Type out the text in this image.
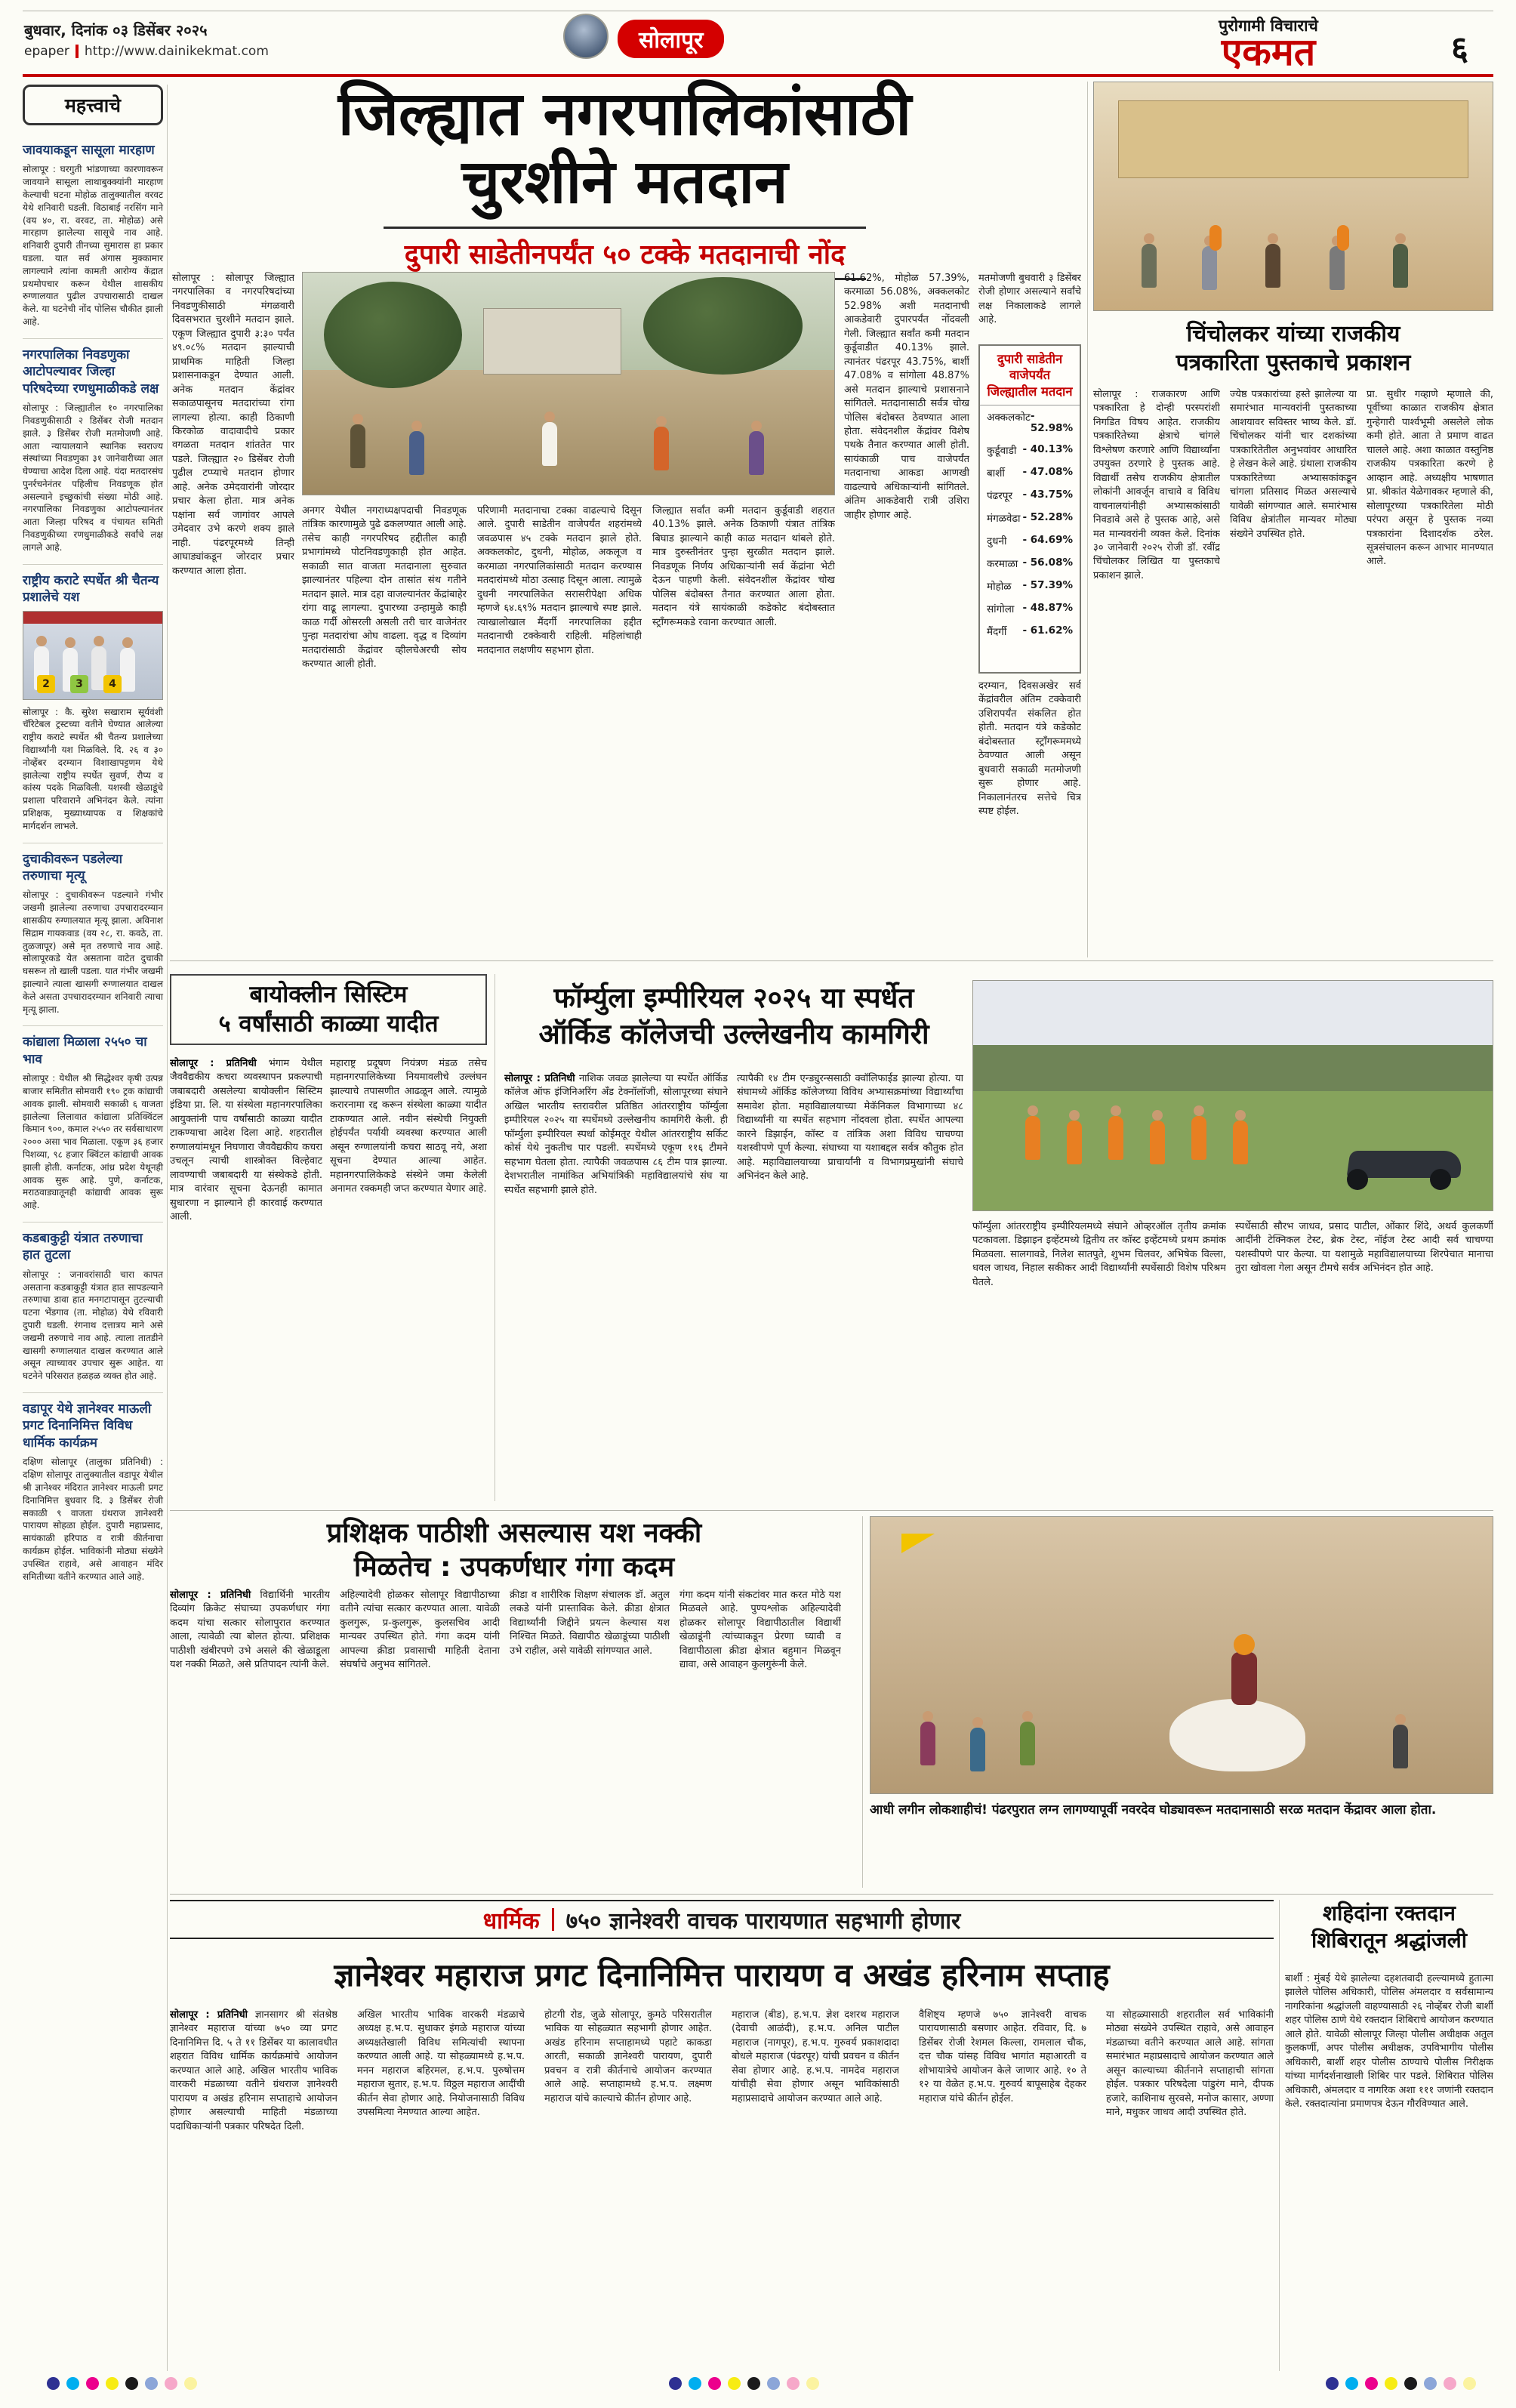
बुधवार, दिनांक ०३ डिसेंबर २०२५
epaper http://www.dainikekmat.com	सोलापूर
पुरोगामी विचाराचे
एकमत	६
महत्त्वाचे
जावयाकडून सासूला मारहाण

सोलापूर : घरगुती भांडणाच्या कारणावरून जावयाने सासूला लाथाबुक्क्यांनी मारहाण केल्याची घटना मोहोळ तालुक्यातील वरवट येथे शनिवारी घडली. विठाबाई नरसिंग माने (वय ४०, रा. वरवट, ता. मोहोळ) असे मारहाण झालेल्या सासूचे नाव आहे. शनिवारी दुपारी तीनच्या सुमारास हा प्रकार घडला. यात सर्व अंगास मुक्कामार लागल्याने त्यांना कामती आरोग्य केंद्रात प्रथमोपचार करून येथील शासकीय रुग्णालयात पुढील उपचारासाठी दाखल केले. या घटनेची नोंद पोलिस चौकीत झाली आहे.

नगरपालिका निवडणुका आटोपल्यावर जिल्हा परिषदेच्या रणधुमाळीकडे लक्ष

सोलापूर : जिल्ह्यातील १० नगरपालिका निवडणुकीसाठी २ डिसेंबर रोजी मतदान झाले. ३ डिसेंबर रोजी मतमोजणी आहे. आता न्यायालयाने स्थानिक स्वराज्य संस्थांच्या निवडणुका ३१ जानेवारीच्या आत घेण्याचा आदेश दिला आहे. यंदा मतदारसंघ पुनर्रचनेनंतर पहिलीच निवडणूक होत असल्याने इच्छुकांची संख्या मोठी आहे. नगरपालिका निवडणुका आटोपल्यानंतर आता जिल्हा परिषद व पंचायत समिती निवडणुकीच्या रणधुमाळीकडे सर्वांचे लक्ष लागले आहे.

राष्ट्रीय कराटे स्पर्धेत श्री चैतन्य प्रशालेचे यश
2	3	4

सोलापूर : कै. सुरेश सखाराम सूर्यवंशी चॅरिटेबल ट्रस्टच्या वतीने घेण्यात आलेल्या राष्ट्रीय कराटे स्पर्धेत श्री चैतन्य प्रशालेच्या विद्यार्थ्यांनी यश मिळविले. दि. २६ व ३० नोव्हेंबर दरम्यान विशाखापट्टणम येथे झालेल्या राष्ट्रीय स्पर्धेत सुवर्ण, रौप्य व कांस्य पदके मिळविली. यशस्वी खेळाडूंचे प्रशाला परिवाराने अभिनंदन केले. त्यांना प्रशिक्षक, मुख्याध्यापक व शिक्षकांचे मार्गदर्शन लाभले.

दुचाकीवरून पडलेल्या तरुणाचा मृत्यू

सोलापूर : दुचाकीवरून पडल्याने गंभीर जखमी झालेल्या तरुणाचा उपचारादरम्यान शासकीय रुग्णालयात मृत्यू झाला. अविनाश सिद्राम गायकवाड (वय २८, रा. कवठे, ता. तुळजापूर) असे मृत तरुणाचे नाव आहे. सोलापूरकडे येत असताना वाटेत दुचाकी घसरून तो खाली पडला. यात गंभीर जखमी झाल्याने त्याला खासगी रुग्णालयात दाखल केले असता उपचारादरम्यान शनिवारी त्याचा मृत्यू झाला.

कांद्याला मिळाला २५५० चा भाव

सोलापूर : येथील श्री सिद्धेश्वर कृषी उत्पन्न बाजार समितीत सोमवारी १९० ट्रक कांद्याची आवक झाली. सोमवारी सकाळी ६ वाजता झालेल्या लिलावात कांद्याला प्रतिक्विंटल किमान ९००, कमाल २५५० तर सर्वसाधारण २००० असा भाव मिळाला. एकूण ३६ हजार पिशव्या, ९८ हजार क्विंटल कांद्याची आवक झाली होती. कर्नाटक, आंध्र प्रदेश येथूनही आवक सुरू आहे. पुणे, कर्नाटक, मराठवाड्यातूनही कांद्याची आवक सुरू आहे.

कडबाकुट्टी यंत्रात तरुणाचा हात तुटला

सोलापूर : जनावरांसाठी चारा कापत असताना कडबाकुट्टी यंत्रात हात सापडल्याने तरुणाचा डावा हात मनगटापासून तुटल्याची घटना भेंडगाव (ता. मोहोळ) येथे रविवारी दुपारी घडली. रंगनाथ दत्तात्रय माने असे जखमी तरुणाचे नाव आहे. त्याला तातडीने खासगी रुग्णालयात दाखल करण्यात आले असून त्याच्यावर उपचार सुरू आहेत. या घटनेने परिसरात हळहळ व्यक्त होत आहे.

वडापूर येथे ज्ञानेश्वर माऊली प्रगट दिनानिमित्त विविध धार्मिक कार्यक्रम

दक्षिण सोलापूर (तालुका प्रतिनिधी) : दक्षिण सोलापूर तालुक्यातील वडापूर येथील श्री ज्ञानेश्वर मंदिरात ज्ञानेश्वर माऊली प्रगट दिनानिमित्त बुधवार दि. ३ डिसेंबर रोजी सकाळी ९ वाजता ग्रंथराज ज्ञानेश्वरी पारायण सोहळा होईल. दुपारी महाप्रसाद, सायंकाळी हरिपाठ व रात्री कीर्तनाचा कार्यक्रम होईल. भाविकांनी मोठ्या संख्येने उपस्थित राहावे, असे आवाहन मंदिर समितीच्या वतीने करण्यात आले आहे.

जिल्ह्यात नगरपालिकांसाठी
चुरशीने मतदान
दुपारी साडेतीनपर्यंत ५० टक्के मतदानाची नोंद
सोलापूर : सोलापूर जिल्ह्यात नगरपालिका व नगरपरिषदांच्या निवडणुकीसाठी मंगळवारी दिवसभरात चुरशीने मतदान झाले. एकूण जिल्ह्यात दुपारी ३:३० पर्यंत ४९.०८% मतदान झाल्याची प्राथमिक माहिती जिल्हा प्रशासनाकडून देण्यात आली. अनेक मतदान केंद्रांवर सकाळपासूनच मतदारांच्या रांगा लागल्या होत्या. काही ठिकाणी किरकोळ वादावादीचे प्रकार वगळता मतदान शांततेत पार पडले. जिल्ह्यात २० डिसेंबर रोजी पुढील टप्प्याचे मतदान होणार आहे. अनेक उमेदवारांनी जोरदार प्रचार केला होता. मात्र अनेक पक्षांना सर्व जागांवर आपले उमेदवार उभे करणे शक्य झाले नाही. पंढरपूरमध्ये तिन्ही आघाड्यांकडून जोरदार प्रचार करण्यात आला होता.
अनगर येथील नगराध्यक्षपदाची निवडणूक तांत्रिक कारणामुळे पुढे ढकलण्यात आली आहे. तसेच काही नगरपरिषद हद्दीतील काही प्रभागांमध्ये पोटनिवडणुकाही होत आहेत. सकाळी सात वाजता मतदानाला सुरुवात झाल्यानंतर पहिल्या दोन तासांत संथ गतीने मतदान झाले. मात्र दहा वाजल्यानंतर केंद्रांबाहेर रांगा वाढू लागल्या. दुपारच्या उन्हामुळे काही काळ गर्दी ओसरली असली तरी चार वाजेनंतर पुन्हा मतदारांचा ओघ वाढला. वृद्ध व दिव्यांग मतदारांसाठी केंद्रांवर व्हीलचेअरची सोय करण्यात आली होती.
परिणामी मतदानाचा टक्का वाढल्याचे दिसून आले. दुपारी साडेतीन वाजेपर्यंत शहरांमध्ये जवळपास ४५ टक्के मतदान झाले होते. अक्कलकोट, दुधनी, मोहोळ, अकलूज व करमाळा नगरपालिकांसाठी मतदान करण्यास मतदारांमध्ये मोठा उत्साह दिसून आला. त्यामुळे दुधनी नगरपालिकेत सरासरीपेक्षा अधिक म्हणजे ६४.६९% मतदान झाल्याचे स्पष्ट झाले. त्याखालोखाल मैंदर्गी नगरपालिका हद्दीत मतदानाची टक्केवारी राहिली. महिलांचाही मतदानात लक्षणीय सहभाग होता.
जिल्ह्यात सर्वांत कमी मतदान कुर्डूवाडी शहरात 40.13% झाले. अनेक ठिकाणी यंत्रात तांत्रिक बिघाड झाल्याने काही काळ मतदान थांबले होते. मात्र दुरुस्तीनंतर पुन्हा सुरळीत मतदान झाले. निवडणूक निर्णय अधिकाऱ्यांनी सर्व केंद्रांना भेटी देऊन पाहणी केली. संवेदनशील केंद्रांवर चोख पोलिस बंदोबस्त तैनात करण्यात आला होता. मतदान यंत्रे सायंकाळी कडेकोट बंदोबस्तात स्ट्राँगरूमकडे रवाना करण्यात आली.
61.62%, मोहोळ 57.39%, करमाळा 56.08%, अक्कलकोट 52.98% अशी मतदानाची आकडेवारी दुपारपर्यंत नोंदवली गेली. जिल्ह्यात सर्वांत कमी मतदान कुर्डूवाडीत 40.13% झाले. त्यानंतर पंढरपूर 43.75%, बार्शी 47.08% व सांगोला 48.87% असे मतदान झाल्याचे प्रशासनाने सांगितले. मतदानासाठी सर्वत्र चोख पोलिस बंदोबस्त ठेवण्यात आला होता. संवेदनशील केंद्रांवर विशेष पथके तैनात करण्यात आली होती. सायंकाळी पाच वाजेपर्यंत मतदानाचा आकडा आणखी वाढल्याचे अधिकाऱ्यांनी सांगितले. अंतिम आकडेवारी रात्री उशिरा जाहीर होणार आहे.
मतमोजणी बुधवारी ३ डिसेंबर रोजी होणार असल्याने सर्वांचे लक्ष निकालाकडे लागले आहे.
दुपारी साडेतीन वाजेपर्यंत जिल्ह्यातील मतदान
अक्कलकोट - 52.98%
कुर्डूवाडी - 40.13%
बार्शी - 47.08%
पंढरपूर - 43.75%
मंगळवेढा - 52.28%
दुधनी - 64.69%
करमाळा - 56.08%
मोहोळ - 57.39%
सांगोला - 48.87%
मैंदर्गी - 61.62%
दरम्यान, दिवसअखेर सर्व केंद्रांवरील अंतिम टक्केवारी उशिरापर्यंत संकलित होत होती. मतदान यंत्रे कडेकोट बंदोबस्तात स्ट्राँगरूममध्ये ठेवण्यात आली असून बुधवारी सकाळी मतमोजणी सुरू होणार आहे. निकालानंतरच सत्तेचे चित्र स्पष्ट होईल.
चिंचोलकर यांच्या राजकीय
पत्रकारिता पुस्तकाचे प्रकाशन
सोलापूर : राजकारण आणि पत्रकारिता हे दोन्ही परस्परांशी निगडित विषय आहेत. राजकीय पत्रकारितेच्या क्षेत्राचे चांगले विश्लेषण करणारे आणि विद्यार्थ्यांना उपयुक्त ठरणारे हे पुस्तक आहे. विद्यार्थी तसेच राजकीय क्षेत्रातील लोकांनी आवर्जून वाचावे व विविध वाचनालयांनीही अभ्यासकांसाठी निवडावे असे हे पुस्तक आहे, असे मत मान्यवरांनी व्यक्त केले. दिनांक ३० जानेवारी २०२५ रोजी डॉ. रवींद्र चिंचोलकर लिखित या पुस्तकाचे प्रकाशन झाले.
ज्येष्ठ पत्रकारांच्या हस्ते झालेल्या या समारंभात मान्यवरांनी पुस्तकाच्या आशयावर सविस्तर भाष्य केले. डॉ. चिंचोलकर यांनी चार दशकांच्या पत्रकारितेतील अनुभवांवर आधारित हे लेखन केले आहे. ग्रंथाला राजकीय पत्रकारितेच्या अभ्यासकांकडून चांगला प्रतिसाद मिळत असल्याचे यावेळी सांगण्यात आले. समारंभास विविध क्षेत्रांतील मान्यवर मोठ्या संख्येने उपस्थित होते.
प्रा. सुधीर गव्हाणे म्हणाले की, पूर्वीच्या काळात राजकीय क्षेत्रात गुन्हेगारी पार्श्वभूमी असलेले लोक कमी होते. आता ते प्रमाण वाढत चालले आहे. अशा काळात वस्तुनिष्ठ राजकीय पत्रकारिता करणे हे आव्हान आहे. अध्यक्षीय भाषणात प्रा. श्रीकांत येळेगावकर म्हणाले की, सोलापूरच्या पत्रकारितेला मोठी परंपरा असून हे पुस्तक नव्या पत्रकारांना दिशादर्शक ठरेल. सूत्रसंचालन करून आभार मानण्यात आले.
बायोक्लीन सिस्टिम
५ वर्षांसाठी काळ्या यादीत
सोलापूर : प्रतिनिधी भंगाम येथील जैववैद्यकीय कचरा व्यवस्थापन प्रकल्पाची जबाबदारी असलेल्या बायोक्लीन सिस्टिम इंडिया प्रा. लि. या संस्थेला महानगरपालिका आयुक्तांनी पाच वर्षांसाठी काळ्या यादीत टाकण्याचा आदेश दिला आहे. शहरातील रुग्णालयांमधून निघणारा जैववैद्यकीय कचरा उचलून त्याची शास्त्रोक्त विल्हेवाट लावण्याची जबाबदारी या संस्थेकडे होती. मात्र वारंवार सूचना देऊनही कामात सुधारणा न झाल्याने ही कारवाई करण्यात आली.
महाराष्ट्र प्रदूषण नियंत्रण मंडळ तसेच महानगरपालिकेच्या नियमावलीचे उल्लंघन झाल्याचे तपासणीत आढळून आले. त्यामुळे करारनामा रद्द करून संस्थेला काळ्या यादीत टाकण्यात आले. नवीन संस्थेची नियुक्ती होईपर्यंत पर्यायी व्यवस्था करण्यात आली असून रुग्णालयांनी कचरा साठवू नये, अशा सूचना देण्यात आल्या आहेत. महानगरपालिकेकडे संस्थेने जमा केलेली अनामत रक्कमही जप्त करण्यात येणार आहे.
फॉर्म्युला इम्पीरियल २०२५ या स्पर्धेत
ऑर्किड कॉलेजची उल्लेखनीय कामगिरी
सोलापूर : प्रतिनिधी नाशिक जवळ झालेल्या या स्पर्धेत ऑर्किड कॉलेज ऑफ इंजिनिअरिंग अँड टेक्नॉलॉजी, सोलापूरच्या संघाने अखिल भारतीय स्तरावरील प्रतिष्ठित आंतरराष्ट्रीय फॉर्म्युला इम्पीरियल २०२५ या स्पर्धेमध्ये उल्लेखनीय कामगिरी केली. ही फॉर्म्युला इम्पीरियल स्पर्धा कोईमतूर येथील आंतरराष्ट्रीय सर्किट कोर्स येथे नुकतीच पार पडली. स्पर्धेमध्ये एकूण ११६ टीमने सहभाग घेतला होता. त्यापैकी जवळपास ८६ टीम पात्र झाल्या. देशभरातील नामांकित अभियांत्रिकी महाविद्यालयांचे संघ या स्पर्धेत सहभागी झाले होते.
त्यापैकी १४ टीम एन्ड्युरन्ससाठी क्वॉलिफाईड झाल्या होत्या. या संघामध्ये ऑर्किड कॉलेजच्या विविध अभ्यासक्रमांच्या विद्यार्थ्यांचा समावेश होता. महाविद्यालयाच्या मेकॅनिकल विभागाच्या ४८ विद्यार्थ्यांनी या स्पर्धेत सहभाग नोंदवला होता. स्पर्धेत आपल्या कारने डिझाईन, कॉस्ट व तांत्रिक अशा विविध चाचण्या यशस्वीपणे पूर्ण केल्या. संघाच्या या यशाबद्दल सर्वत्र कौतुक होत आहे. महाविद्यालयाच्या प्राचार्यांनी व विभागप्रमुखांनी संघाचे अभिनंदन केले आहे.
फॉर्म्युला आंतरराष्ट्रीय इम्पीरियलमध्ये संघाने ओव्हरऑल तृतीय क्रमांक पटकावला. डिझाइन इव्हेंटमध्ये द्वितीय तर कॉस्ट इव्हेंटमध्ये प्रथम क्रमांक मिळवला. सालगावडे, निलेश सातपुते, शुभम चिलवर, अभिषेक विल्ला, धवल जाधव, निहाल सकीकर आदी विद्यार्थ्यांनी स्पर्धेसाठी विशेष परिश्रम घेतले.
स्पर्धेसाठी सौरभ जाधव, प्रसाद पाटील, ओंकार शिंदे, अथर्व कुलकर्णी आदींनी टेक्निकल टेस्ट, ब्रेक टेस्ट, नॉईज टेस्ट आदी सर्व चाचण्या यशस्वीपणे पार केल्या. या यशामुळे महाविद्यालयाच्या शिरपेचात मानाचा तुरा खोवला गेला असून टीमचे सर्वत्र अभिनंदन होत आहे.
प्रशिक्षक पाठीशी असल्यास यश नक्की
मिळतेच : उपकर्णधार गंगा कदम
सोलापूर : प्रतिनिधी विद्यार्थिनी भारतीय दिव्यांग क्रिकेट संघाच्या उपकर्णधार गंगा कदम यांचा सत्कार सोलापुरात करण्यात आला, त्यावेळी त्या बोलत होत्या. प्रशिक्षक पाठीशी खंबीरपणे उभे असले की खेळाडूला यश नक्की मिळते, असे प्रतिपादन त्यांनी केले.
अहिल्यादेवी होळकर सोलापूर विद्यापीठाच्या वतीने त्यांचा सत्कार करण्यात आला. यावेळी कुलगुरू, प्र-कुलगुरू, कुलसचिव आदी मान्यवर उपस्थित होते. गंगा कदम यांनी आपल्या क्रीडा प्रवासाची माहिती देताना संघर्षाचे अनुभव सांगितले.
क्रीडा व शारीरिक शिक्षण संचालक डॉ. अतुल लकडे यांनी प्रास्ताविक केले. क्रीडा क्षेत्रात विद्यार्थ्यांनी जिद्दीने प्रयत्न केल्यास यश निश्चित मिळते. विद्यापीठ खेळाडूंच्या पाठीशी उभे राहील, असे यावेळी सांगण्यात आले.
गंगा कदम यांनी संकटांवर मात करत मोठे यश मिळवले आहे. पुण्यश्लोक अहिल्यादेवी होळकर सोलापूर विद्यापीठातील विद्यार्थी खेळाडूंनी त्यांच्याकडून प्रेरणा घ्यावी व विद्यापीठाला क्रीडा क्षेत्रात बहुमान मिळवून द्यावा, असे आवाहन कुलगुरूंनी केले.
आधी लगीन लोकशाहीचं! पंढरपुरात लग्न लागण्यापूर्वी नवरदेव घोड्यावरून मतदानासाठी सरळ मतदान केंद्रावर आला होता.
धार्मिक ७५० ज्ञानेश्वरी वाचक पारायणात सहभागी होणार
ज्ञानेश्वर महाराज प्रगट दिनानिमित्त पारायण व अखंड हरिनाम सप्ताह
सोलापूर : प्रतिनिधी ज्ञानसागर श्री संतश्रेष्ठ ज्ञानेश्वर महाराज यांच्या ७५० व्या प्रगट दिनानिमित्त द‍ि. ५ ते ११ डिसेंबर या कालावधीत शहरात विविध धार्मिक कार्यक्रमांचे आयोजन करण्यात आले आहे. अखिल भारतीय भाविक वारकरी मंडळाच्या वतीने ग्रंथराज ज्ञानेश्वरी पारायण व अखंड हरिनाम सप्ताहाचे आयोजन होणार असल्याची माहिती मंडळाच्या पदाधिकाऱ्यांनी पत्रकार परिषदेत दिली.
अखिल भारतीय भाविक वारकरी मंडळाचे अध्यक्ष ह.भ.प. सुधाकर इंगळे महाराज यांच्या अध्यक्षतेखाली विविध समित्यांची स्थापना करण्यात आली आहे. या सोहळ्यामध्ये ह.भ.प. मनन महाराज बहिरमल, ह.भ.प. पुरुषोत्तम महाराज सुतार, ह.भ.प. विठ्ठल महाराज आदींची कीर्तन सेवा होणार आहे. नियोजनासाठी विविध उपसमित्या नेमण्यात आल्या आहेत.
होटगी रोड, जुळे सोलापूर, कुमठे परिसरातील भाविक या सोहळ्यात सहभागी होणार आहेत. अखंड हरिनाम सप्ताहामध्ये पहाटे काकडा आरती, सकाळी ज्ञानेश्वरी पारायण, दुपारी प्रवचन व रात्री कीर्तनाचे आयोजन करण्यात आले आहे. सप्ताहामध्ये ह.भ.प. लक्ष्मण महाराज यांचे काल्याचे कीर्तन होणार आहे.
महाराज (बीड), ह.भ.प. ज्ञेश दशरथ महाराज (देवाची आळंदी), ह.भ.प. अनिल पाटील महाराज (नागपूर), ह.भ.प. गुरुवर्य प्रकाशदादा बोधले महाराज (पंढरपूर) यांची प्रवचन व कीर्तन सेवा होणार आहे. ह.भ.प. नामदेव महाराज यांचीही सेवा होणार असून भाविकांसाठी महाप्रसादाचे आयोजन करण्यात आले आहे.
वैशिष्ट्य म्हणजे ७५० ज्ञानेश्वरी वाचक पारायणासाठी बसणार आहेत. रविवार, दि. ७ डिसेंबर रोजी रेशमल किल्ला, रामलाल चौक, दत्त चौक यांसह विविध भागांत महाआरती व शोभायात्रेचे आयोजन केले जाणार आहे. १० ते १२ या वेळेत ह.भ.प. गुरुवर्य बापूसाहेब देहकर महाराज यांचे कीर्तन होईल.
या सोहळ्यासाठी शहरातील सर्व भाविकांनी मोठ्या संख्येने उपस्थित राहावे, असे आवाहन मंडळाच्या वतीने करण्यात आले आहे. सांगता समारंभात महाप्रसादाचे आयोजन करण्यात आले असून काल्याच्या कीर्तनाने सप्ताहाची सांगता होईल. पत्रकार परिषदेला पांडुरंग माने, दीपक हजारे, काशिनाथ सुरवसे, मनोज कासार, अण्णा माने, मधुकर जाधव आदी उपस्थित होते.
शहिदांना रक्तदान
शिबिरातून श्रद्धांजली
बार्शी : मुंबई येथे झालेल्या दहशतवादी हल्ल्यामध्ये हुतात्मा झालेले पोलिस अधिकारी, पोलिस अंमलदार व सर्वसामान्य नागरिकांना श्रद्धांजली वाहण्यासाठी २६ नोव्हेंबर रोजी बार्शी शहर पोलिस ठाणे येथे रक्तदान शिबिराचे आयोजन करण्यात आले होते. यावेळी सोलापूर जिल्हा पोलीस अधीक्षक अतुल कुलकर्णी, अपर पोलीस अधीक्षक, उपविभागीय पोलीस अधिकारी, बार्शी शहर पोलीस ठाण्याचे पोलीस निरीक्षक यांच्या मार्गदर्शनाखाली शिबिर पार पडले. शिबिरात पोलिस अधिकारी, अंमलदार व नागरिक अशा १११ जणांनी रक्तदान केले. रक्तदात्यांना प्रमाणपत्र देऊन गौरविण्यात आले.
